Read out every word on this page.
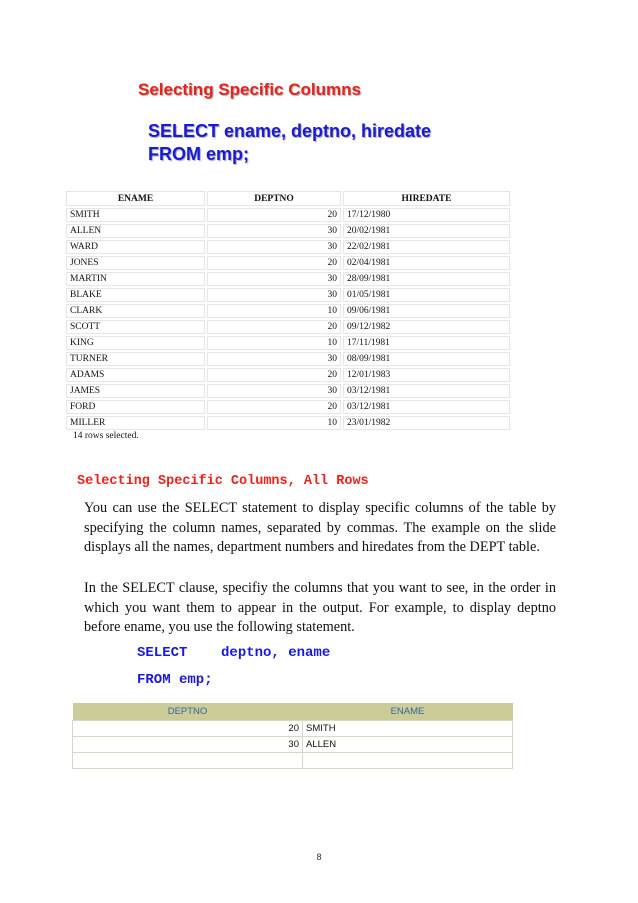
Selecting Specific Columns
SELECT ename, deptno, hiredate
FROM emp;
ENAME	DEPTNO	HIREDATE
SMITH	20	17/12/1980
ALLEN	30	20/02/1981
WARD	30	22/02/1981
JONES	20	02/04/1981
MARTIN	30	28/09/1981
BLAKE	30	01/05/1981
CLARK	10	09/06/1981
SCOTT	20	09/12/1982
KING	10	17/11/1981
TURNER	30	08/09/1981
ADAMS	20	12/01/1983
JAMES	30	03/12/1981
FORD	20	03/12/1981
MILLER	10	23/01/1982
14 rows selected.
Selecting Specific Columns, All Rows
You can use the SELECT statement to display specific columns of the table by specifying the column names, separated by commas. The example on the slide displays all the names, department numbers and hiredates from the DEPT table.
In the SELECT clause, specifiy the columns that you want to see, in the order in which you want them to appear in the output. For example, to display deptno before ename, you use the following statement.
SELECT    deptno, ename
FROM emp;
DEPTNO	ENAME
20	SMITH
30	ALLEN

8
